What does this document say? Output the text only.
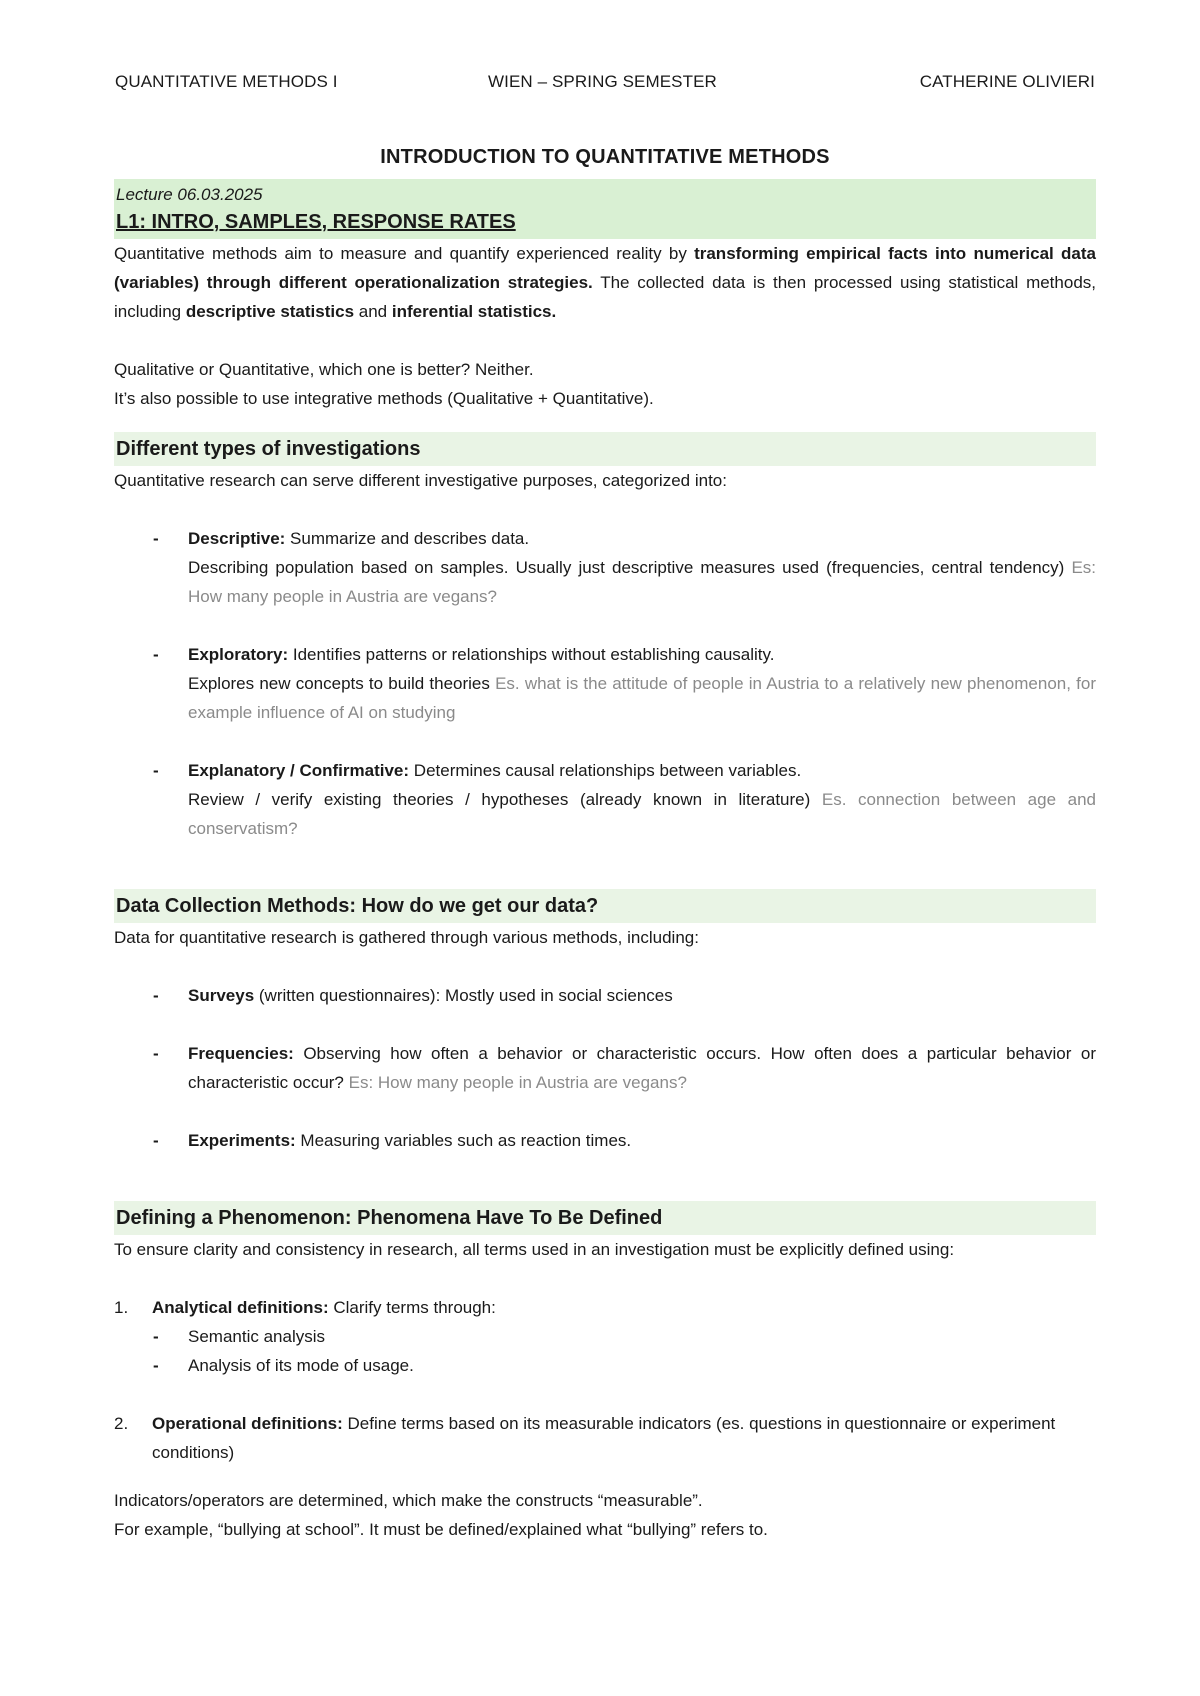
QUANTITATIVE METHODS I	WIEN – SPRING SEMESTER	CATHERINE OLIVIERI
INTRODUCTION TO QUANTITATIVE METHODS
Lecture 06.03.2025
L1: INTRO, SAMPLES, RESPONSE RATES

Quantitative methods aim to measure and quantify experienced reality by transforming empirical facts into numerical data (variables) through different operationalization strategies. The collected data is then processed using statistical methods, including descriptive statistics and inferential statistics.

Qualitative or Quantitative, which one is better? Neither.

It’s also possible to use integrative methods (Qualitative + Quantitative).

Different types of investigations

Quantitative research can serve different investigative purposes, categorized into:

- Descriptive: Summarize and describes data.
Describing population based on samples. Usually just descriptive measures used (frequencies, central tendency) Es: How many people in Austria are vegans?
- Exploratory: Identifies patterns or relationships without establishing causality.
Explores new concepts to build theories Es. what is the attitude of people in Austria to a relatively new phenomenon, for example influence of AI on studying
- Explanatory / Confirmative: Determines causal relationships between variables.
Review / verify existing theories / hypotheses (already known in literature) Es. connection between age and conservatism?
Data Collection Methods: How do we get our data?

Data for quantitative research is gathered through various methods, including:

- Surveys (written questionnaires): Mostly used in social sciences
- Frequencies: Observing how often a behavior or characteristic occurs. How often does a particular behavior or characteristic occur? Es: How many people in Austria are vegans?
- Experiments: Measuring variables such as reaction times.
Defining a Phenomenon: Phenomena Have To Be Defined

To ensure clarity and consistency in research, all terms used in an investigation must be explicitly defined using:

1. Analytical definitions: Clarify terms through:
- Semantic analysis
- Analysis of its mode of usage.
2. Operational definitions: Define terms based on its measurable indicators (es. questions in questionnaire or experiment conditions)

Indicators/operators are determined, which make the constructs “measurable”.

For example, “bullying at school”. It must be defined/explained what “bullying” refers to.
